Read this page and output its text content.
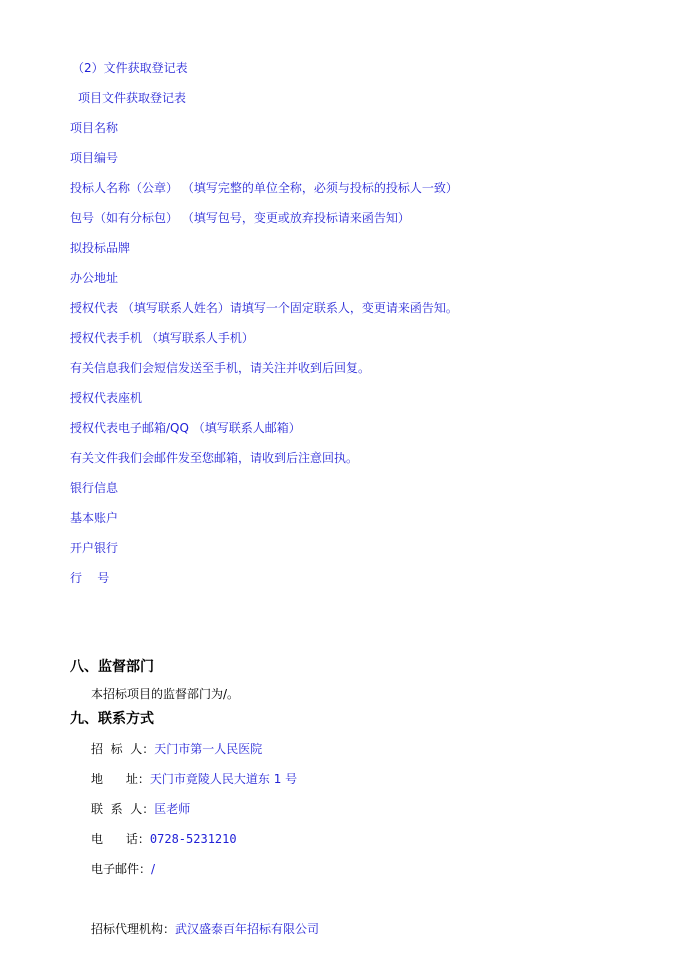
（2）文件获取登记表
项目文件获取登记表
项目名称
项目编号
投标人名称（公章） （填写完整的单位全称，必须与投标的投标人一致）
包号（如有分标包） （填写包号，变更或放弃投标请来函告知）
拟投标品牌
办公地址
授权代表 （填写联系人姓名）请填写一个固定联系人，变更请来函告知。
授权代表手机 （填写联系人手机）
有关信息我们会短信发送至手机，请关注并收到后回复。
授权代表座机
授权代表电子邮箱/QQ （填写联系人邮箱）
有关文件我们会邮件发至您邮箱，请收到后注意回执。
银行信息
基本账户
开户银行
行    号
八、监督部门
本招标项目的监督部门为/。
九、联系方式
招  标  人：天门市第一人民医院
地      址：天门市竟陵人民大道东 1 号
联  系  人：匡老师
电      话：0728-5231210
电子邮件：/
招标代理机构：武汉盛泰百年招标有限公司
